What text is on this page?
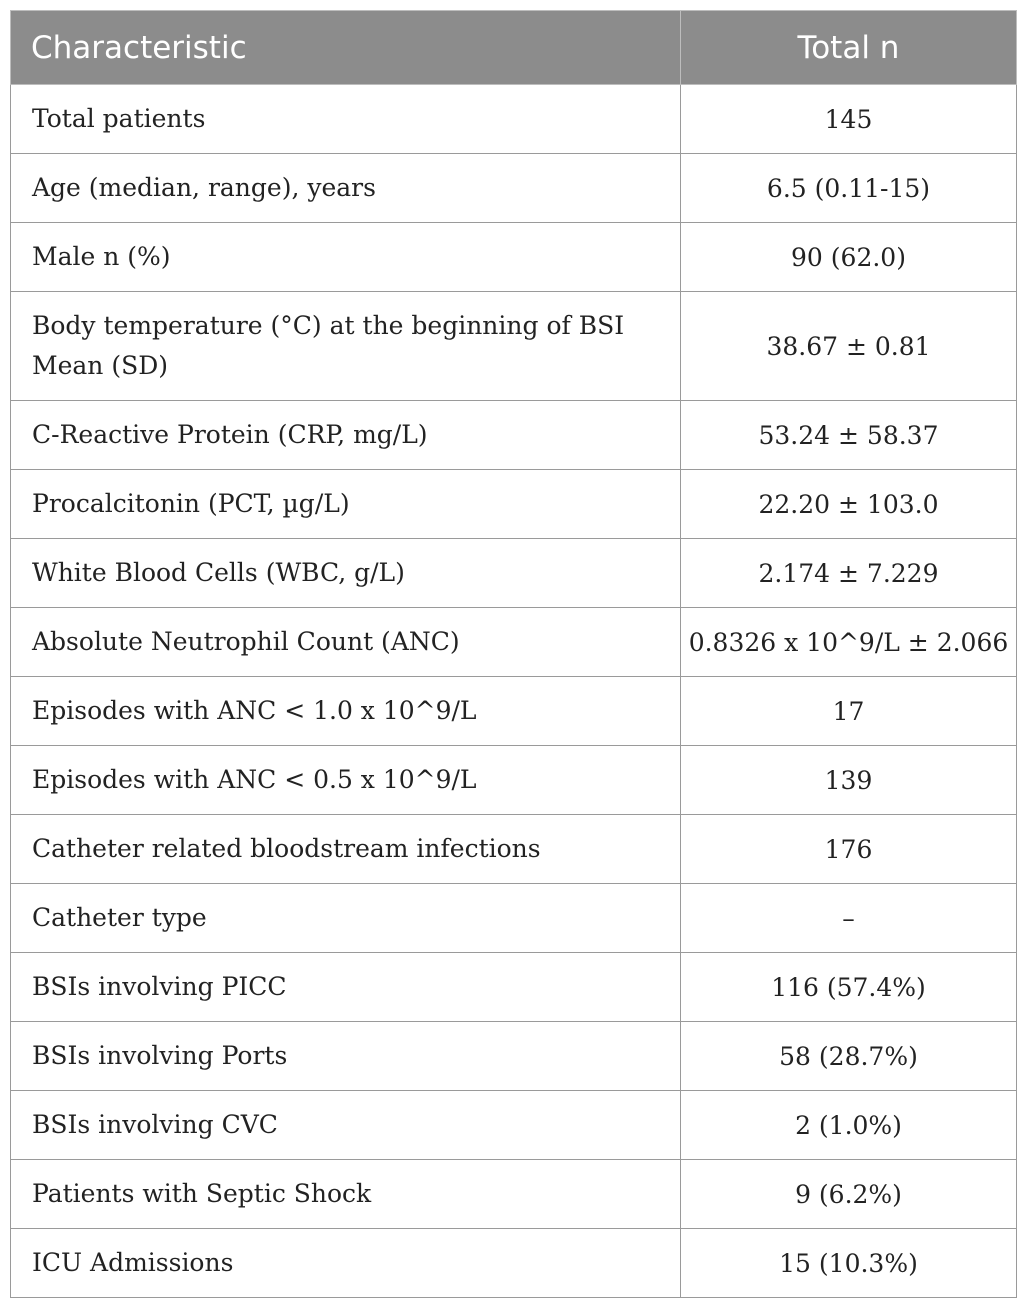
Characteristic	Total n
Total patients	145
Age (median, range), years	6.5 (0.11-15)
Male n (%)	90 (62.0)

Body temperature (°C) at the beginning of BSI
Mean (SD)	38.67 ± 0.81
C-Reactive Protein (CRP, mg/L)	53.24 ± 58.37
Procalcitonin (PCT, µg/L)	22.20 ± 103.0
White Blood Cells (WBC, g/L)	2.174 ± 7.229
Absolute Neutrophil Count (ANC)	0.8326 x 10^9/L ± 2.066
Episodes with ANC < 1.0 x 10^9/L	17
Episodes with ANC < 0.5 x 10^9/L	139
Catheter related bloodstream infections	176
Catheter type	–
BSIs involving PICC	116 (57.4%)
BSIs involving Ports	58 (28.7%)
BSIs involving CVC	2 (1.0%)
Patients with Septic Shock	9 (6.2%)
ICU Admissions	15 (10.3%)
